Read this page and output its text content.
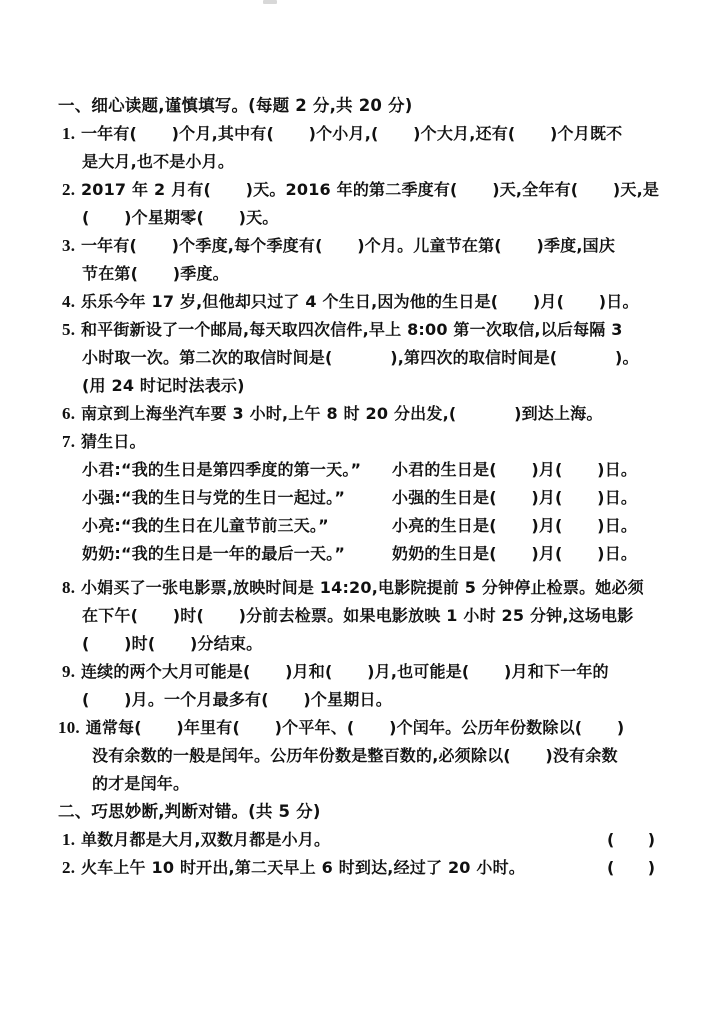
一、细心读题,谨慎填写。(每题 2 分,共 20 分)
1. 一年有(      )个月,其中有(      )个小月,(      )个大月,还有(      )个月既不
是大月,也不是小月。
2. 2017 年 2 月有(      )天。2016 年的第二季度有(      )天,全年有(      )天,是
(      )个星期零(      )天。
3. 一年有(      )个季度,每个季度有(      )个月。儿童节在第(      )季度,国庆
节在第(      )季度。
4. 乐乐今年 17 岁,但他却只过了 4 个生日,因为他的生日是(      )月(      )日。
5. 和平街新设了一个邮局,每天取四次信件,早上 8:00 第一次取信,以后每隔 3
小时取一次。第二次的取信时间是(          ),第四次的取信时间是(          )。
(用 24 时记时法表示)
6. 南京到上海坐汽车要 3 小时,上午 8 时 20 分出发,(          )到达上海。
7. 猜生日。
小君:“我的生日是第四季度的第一天。” 小君的生日是(      )月(      )日。
小强:“我的生日与党的生日一起过。”	小强的生日是(      )月(      )日。
小亮:“我的生日在儿童节前三天。”	小亮的生日是(      )月(      )日。
奶奶:“我的生日是一年的最后一天。”	奶奶的生日是(      )月(      )日。
8. 小娟买了一张电影票,放映时间是 14:20,电影院提前 5 分钟停止检票。她必须
在下午(      )时(      )分前去检票。如果电影放映 1 小时 25 分钟,这场电影
(      )时(      )分结束。
9. 连续的两个大月可能是(      )月和(      )月,也可能是(      )月和下一年的
(      )月。一个月最多有(      )个星期日。
10. 通常每(      )年里有(      )个平年、(      )个闰年。公历年份数除以(      )
没有余数的一般是闰年。公历年份数是整百数的,必须除以(      )没有余数
的才是闰年。
二、巧思妙断,判断对错。(共 5 分)
1. 单数月都是大月,双数月都是小月。	(      )
2. 火车上午 10 时开出,第二天早上 6 时到达,经过了 20 小时。	(      )
